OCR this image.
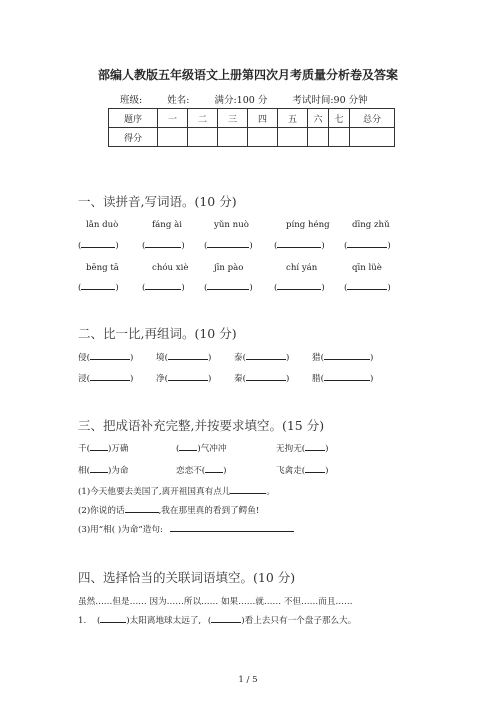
部编人教版五年级语文上册第四次月考质量分析卷及答案
班级:	姓名:	满分:100 分	考试时间:90 分钟
题序	一	二	三	四	五	六	七	总分
得分								
一、读拼音,写词语。(10 分)
lǎn duò	fáng ài	yǔn nuò	píng héng	dīng zhǔ
(	)	(	) (	) (	) (	)
bēng tā	chóu xiè	jīn pào	chí yán	qīn lüè
(	)	(	) (	) (	) (	)
二、比一比,再组词。(10 分)
侵(	)	境(	)	泰(	)	猎(	)
浸(	)	净(	)	秦(	)	腊(	)
三、把成语补充完整,并按要求填空。(15 分)
千( )万确	( )气冲冲	无拘无( )
相( )为命	恋恋不( )	飞禽走( )
(1)今天他要去美国了,离开祖国真有点儿	。
(2)你说的话	,我在那里真的看到了鳄鱼!
(3)用“相( )为命”造句:
四、选择恰当的关联词语填空。(10 分)
虽然……但是…… 因为……所以…… 如果……就…… 不但……而且……
1. (	)太阳离地球太远了, (	)看上去只有一个盘子那么大。
1 / 5
